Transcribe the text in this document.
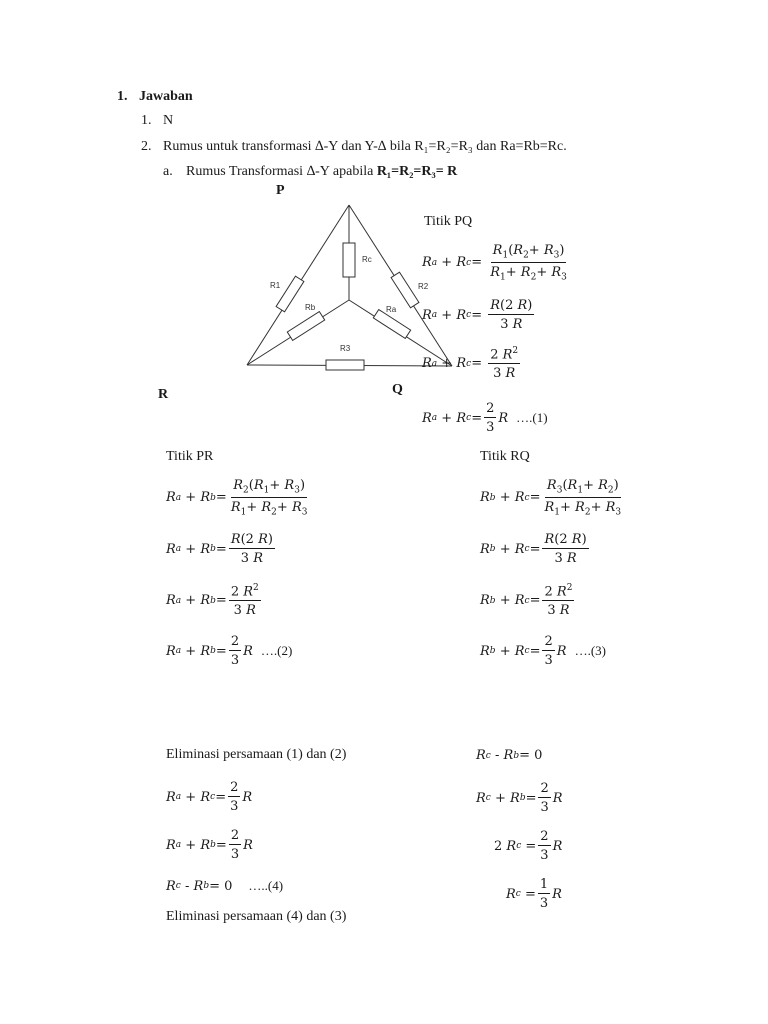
1. Jawaban
1. N
2. Rumus untuk transformasi ∆-Y dan Y-∆ bila R₁=R₂=R₃ dan Ra=Rb=Rc.
a. Rumus Transformasi ∆-Y apabila R₁=R₂=R₃= R
P
R	Q
R1	R2
R3
Ra
Rb
Rc
Titik PQ
R a + R $c = \frac{R_1(R_2+ R_3)}{R_1+ R_2+ R_3}$
R a + R $c = \frac{R(2 R)}{3 R}$
R a + R $c = \frac{2 R^2}{3 R}$
R a + R $c = \frac{2}{3}$ R ….(1)
Titik PR
R a + R $b = \frac{R_2(R_1+ R_3)}{R_1+ R_2+ R_3}$
R a + R $b = \frac{R(2 R)}{3 R}$
R a + R $b = \frac{2 R^2}{3 R}$
R a + R $b = \frac{2}{3}$ R ….(2)
Titik RQ
R b + R $c = \frac{R_3(R_1+ R_2)}{R_1+ R_2+ R_3}$
R b + R $c = \frac{R(2 R)}{3 R}$
R b + R $c = \frac{2 R^2}{3 R}$
R b + R $c = \frac{2}{3}$ R ….(3)
Eliminasi persamaan (1) dan (2)
R a + R $c = \frac{2}{3}$ R
R a + R $b = \frac{2}{3}$ R
R c - R b = 0 …..(4)
Eliminasi persamaan (4) dan (3)
R c - R b = 0
R c + R $b = \frac{2}{3}$ R
2 R $c = \frac{2}{3}$ R
R $c = \frac{1}{3}$ R
